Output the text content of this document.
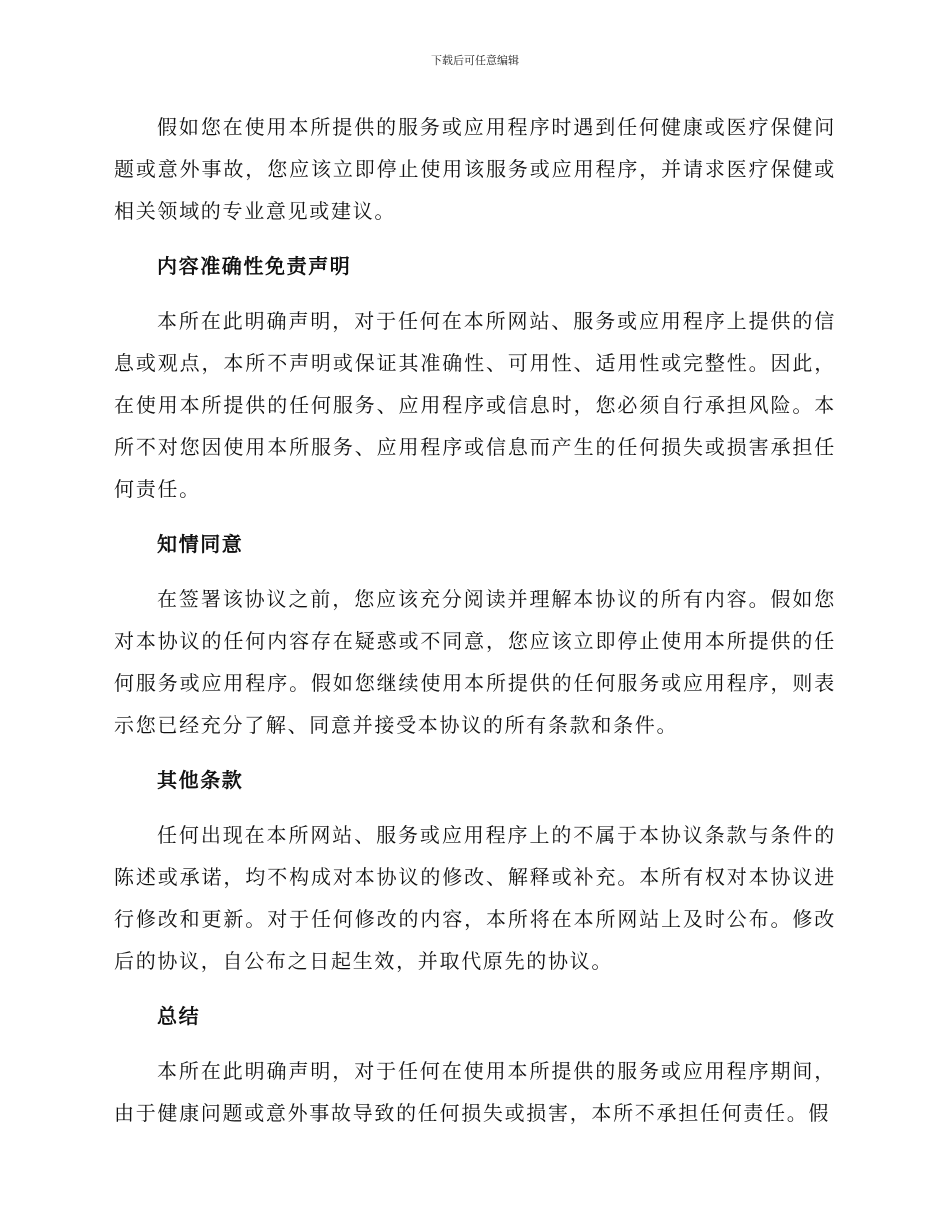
下载后可任意编辑

假如您在使用本所提供的服务或应用程序时遇到任何健康或医疗保健问题或意外事故，您应该立即停止使用该服务或应用程序，并请求医疗保健或相关领域的专业意见或建议。

内容准确性免责声明

本所在此明确声明，对于任何在本所网站、服务或应用程序上提供的信息或观点，本所不声明或保证其准确性、可用性、适用性或完整性。因此，在使用本所提供的任何服务、应用程序或信息时，您必须自行承担风险。本所不对您因使用本所服务、应用程序或信息而产生的任何损失或损害承担任何责任。

知情同意

在签署该协议之前，您应该充分阅读并理解本协议的所有内容。假如您对本协议的任何内容存在疑惑或不同意，您应该立即停止使用本所提供的任何服务或应用程序。假如您继续使用本所提供的任何服务或应用程序，则表示您已经充分了解、同意并接受本协议的所有条款和条件。

其他条款

任何出现在本所网站、服务或应用程序上的不属于本协议条款与条件的陈述或承诺，均不构成对本协议的修改、解释或补充。本所有权对本协议进行修改和更新。对于任何修改的内容，本所将在本所网站上及时公布。修改后的协议，自公布之日起生效，并取代原先的协议。

总结

本所在此明确声明，对于任何在使用本所提供的服务或应用程序期间，由于健康问题或意外事故导致的任何损失或损害，本所不承担任何责任。假
